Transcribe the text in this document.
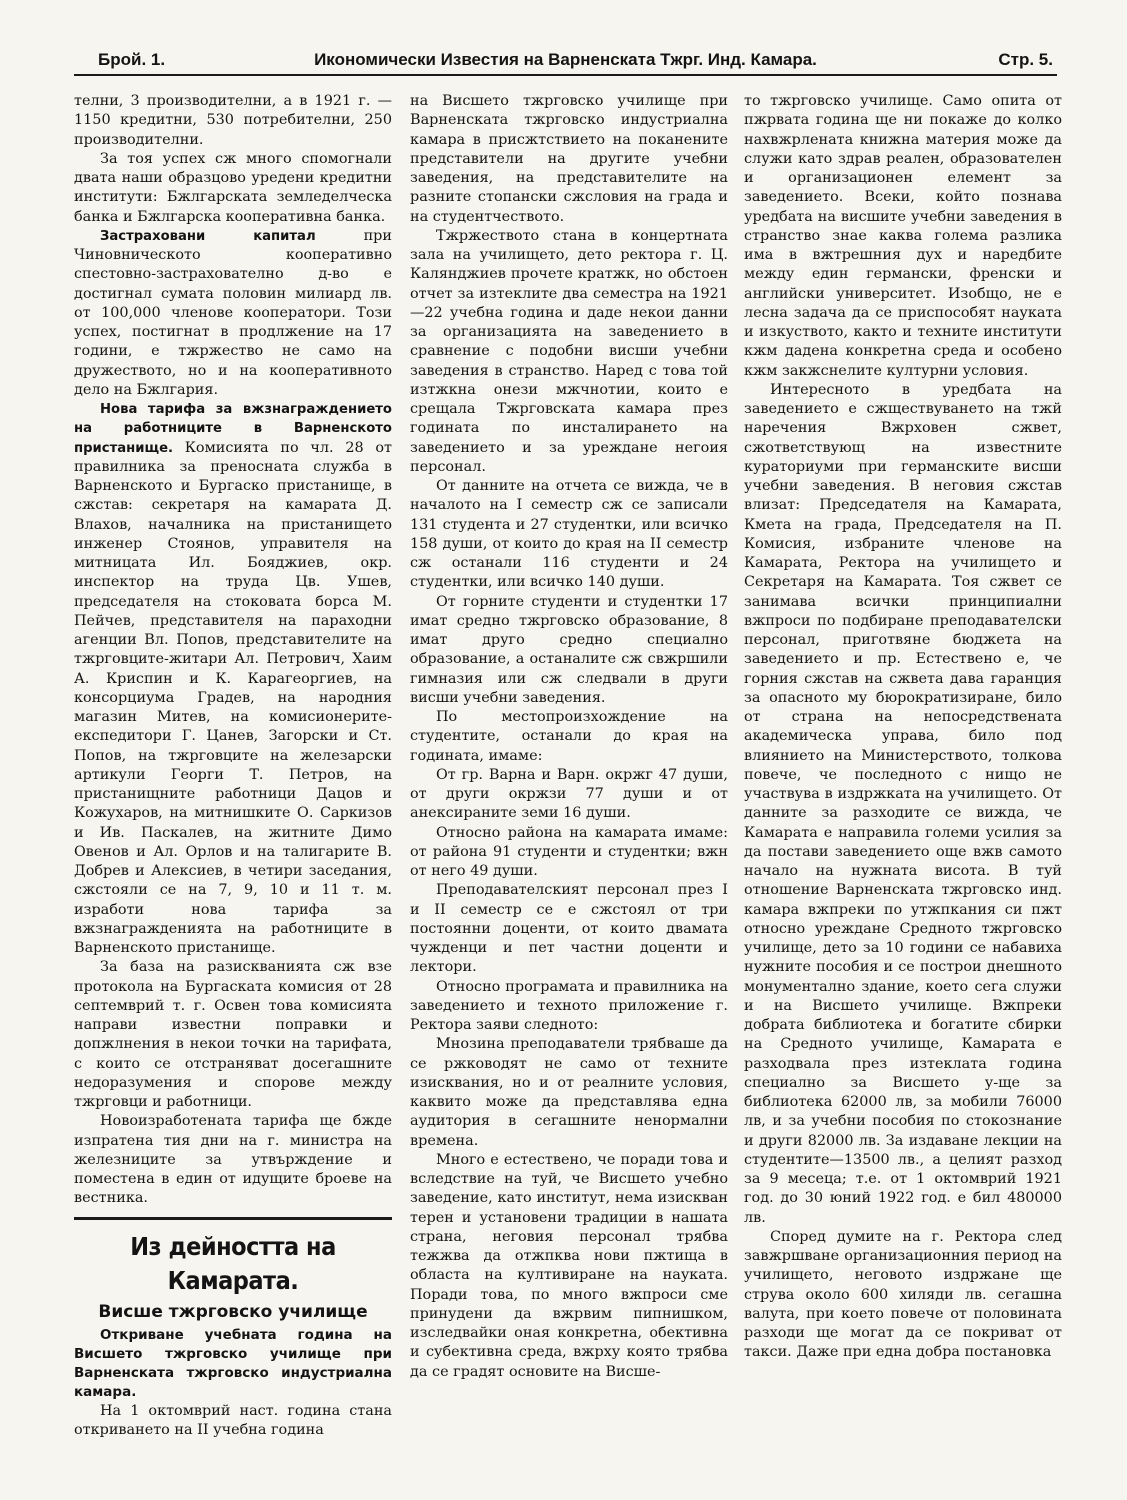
Брой. 1.	Икономически Известия на Варненската Тжрг. Инд. Камара.	Стр. 5.

телни, 3 производителни, а в 1921 г. — 1150 кредитни, 530 потребителни, 250 производителни.

За тоя успех сж много спомогнали двата наши образцово уредени кредитни институти: Бжлгарската земледелческа банка и Бжлгарска кооперативна банка.

Застраховани капитал при Чиновническото кооперативно спестовно-застрахователно д-во е достигнал сумата половин милиард лв. от 100,000 членове кооператори. Този успех, постигнат в продлжение на 17 години, е тжржество не само на дружеството, но и на кооперативното дело на Бжлгария.

Нова тарифа за вжзнаграждението на работниците в Варненското пристанище. Комисията по чл. 28 от правилника за преносната служба в Варненското и Бургаско пристанище, в сжстав: секретаря на камарата Д. Влахов, началника на пристанището инженер Стоянов, управителя на митницата Ил. Бояджиев, окр. инспектор на труда Цв. Ушев, председателя на стоковата борса М. Пейчев, представителя на параходни агенции Вл. Попов, представителите на тжрговците-житари Ал. Петрович, Хаим А. Криспин и К. Карагеоргиев, на консорциума Градев, на народния магазин Митев, на комисионерите-експедитори Г. Цанев, Загорски и Ст. Попов, на тжрговците на железарски артикули Георги Т. Петров, на пристанищните работници Дацов и Кожухаров, на митнишките О. Саркизов и Ив. Паскалев, на житните Димо Овенов и Ал. Орлов и на талигарите В. Добрев и Алексиев, в четири заседания, сжстояли се на 7, 9, 10 и 11 т. м. изработи нова тарифа за вжзнагражденията на работниците в Варненското пристанище.

За база на разискванията сж взе протокола на Бургаската комисия от 28 септемврий т. г. Освен това комисията направи известни поправки и допжлнения в некои точки на тарифата, с които се отстраняват досегашните недоразумения и спорове между тжрговци и работници.

Новоизработената тарифа ще бжде изпратена тия дни на г. министра на железниците за утвърждение и поместена в един от идущите броеве на вестника.

Из дейността на Камарата.
Висше тжрговско училище

Откриване учебната година на Висшето тжрговско училище при Варненската тжрговско индустриална камара.

На 1 октомврий наст. година стана откриването на II учебна година

на Висшето тжрговско училище при Варненската тжрговско индустриална камара в присжтствието на поканените представители на другите учебни заведения, на представителите на разните стопански сжсловия на града и на студентчеството.

Тжржеството стана в концертната зала на училището, дето ректора г. Ц. Калянджиев прочете кратжк, но обстоен отчет за изтеклите два семестра на 1921—22 учебна година и даде некои данни за организацията на заведението в сравнение с подобни висши учебни заведения в странство. Наред с това той изтжкна онези мжчнотии, които е срещала Тжрговската камара през годината по инсталирането на заведението и за уреждане негоия персонал.

От данните на отчета се вижда, че в началото на I семестр сж се записали 131 студента и 27 студентки, или всичко 158 души, от които до края на II семестр сж останали 116 студенти и 24 студентки, или всичко 140 души.

От горните студенти и студентки 17 имат средно тжрговско образование, 8 имат друго средно специално образование, а останалите сж свжршили гимназия или сж следвали в други висши учебни заведения.

По местопроизхождение на студентите, останали до края на годината, имаме:

От гр. Варна и Варн. окржг 47 души, от други окржзи 77 души и от анексираните земи 16 души.

Относно района на камарата имаме: от района 91 студенти и студентки; вжн от него 49 души.

Преподавателският персонал през I и II семестр се е сжстоял от три постоянни доценти, от които двамата чужденци и пет частни доценти и лектори.

Относно програмата и правилника на заведението и техното приложение г. Ректора заяви следното:

Мнозина преподаватели трябваше да се ржководят не само от техните изисквания, но и от реалните условия, каквито може да представлява една аудитория в сегашните ненормални времена.

Много е естествено, че поради това и вследствие на туй, че Висшето учебно заведение, като институт, нема изискван терен и установени традиции в нашата страна, неговия персонал трябва тежжва да отжпква нови пжтища в областа на култивиране на науката. Поради това, по много вжпроси сме принудени да вжрвим пипнишком, изследвайки оная конкретна, обективна и субективна среда, вжрху която трябва да се градят основите на Висше-

то тжрговско училище. Само опита от пжрвата година ще ни покаже до колко нахвжрлената книжна материя може да служи като здрав реален, образователен и организационен елемент за заведението. Всеки, който познава уредбата на висшите учебни заведения в странство знае каква голема разлика има в вжтрешния дух и наредбите между един германски, френски и английски университет. Изобщо, не е лесна задача да се приспособят наукатa и изкуството, както и техните институти кжм дадена конкретна среда и особено кжм закжснелите културни условия.

Интересното в уредбата на заведението е сжществуването на тжй наречения Вжрховен сжвет, сжответствующ на известните кураториуми при германските висши учебни заведения. В неговия сжстав влизат: Председателя на Камарата, Кмета на града, Председателя на П. Комисия, избраните членове на Камарата, Ректора на училището и Секретаря на Камарата. Тоя сжвет се занимава всички принципиални вжпроси по подбиране преподавателски персонал, приготвяне бюджета на заведението и пр. Естествено е, че горния сжстав на сжвета дава гаранция за опасното му бюрократизиране, било от страна на непосредствената академическа управа, било под влиянието на Министерството, толкова повече, че последното с нищо не участвува в издржката на училището. От данните за разходите се вижда, че Камарата е направила големи усилия за да постави заведението още вжв самото начало на нужната висота. В туй отношение Варненската тжрговско инд. камара вжпреки по утжпкания си пжт относно уреждане Средното тжрговско училище, дето за 10 години се набавиха нужните пособия и се построи днешното монументално здание, което сега служи и на Висшето училище. Вжпреки добрата библиотека и богатите сбирки на Средното училище, Камарата е разходвала през изтеклата година специално за Висшето у-ще за библиотека 62000 лв, за мобили 76000 лв, и за учебни пособия по стокознание и други 82000 лв. За издаване лекции на студентите—13500 лв., а целият разход за 9 месеца; т.е. от 1 октомврий 1921 год. до 30 юний 1922 год. е бил 480000 лв.

Според думите на г. Ректора след завжршване организационния период на училището, неговото издржане ще струва около 600 хиляди лв. сегашна валута, при което повече от половината разходи ще могат да се покриват от такси. Даже при една добра постановка
